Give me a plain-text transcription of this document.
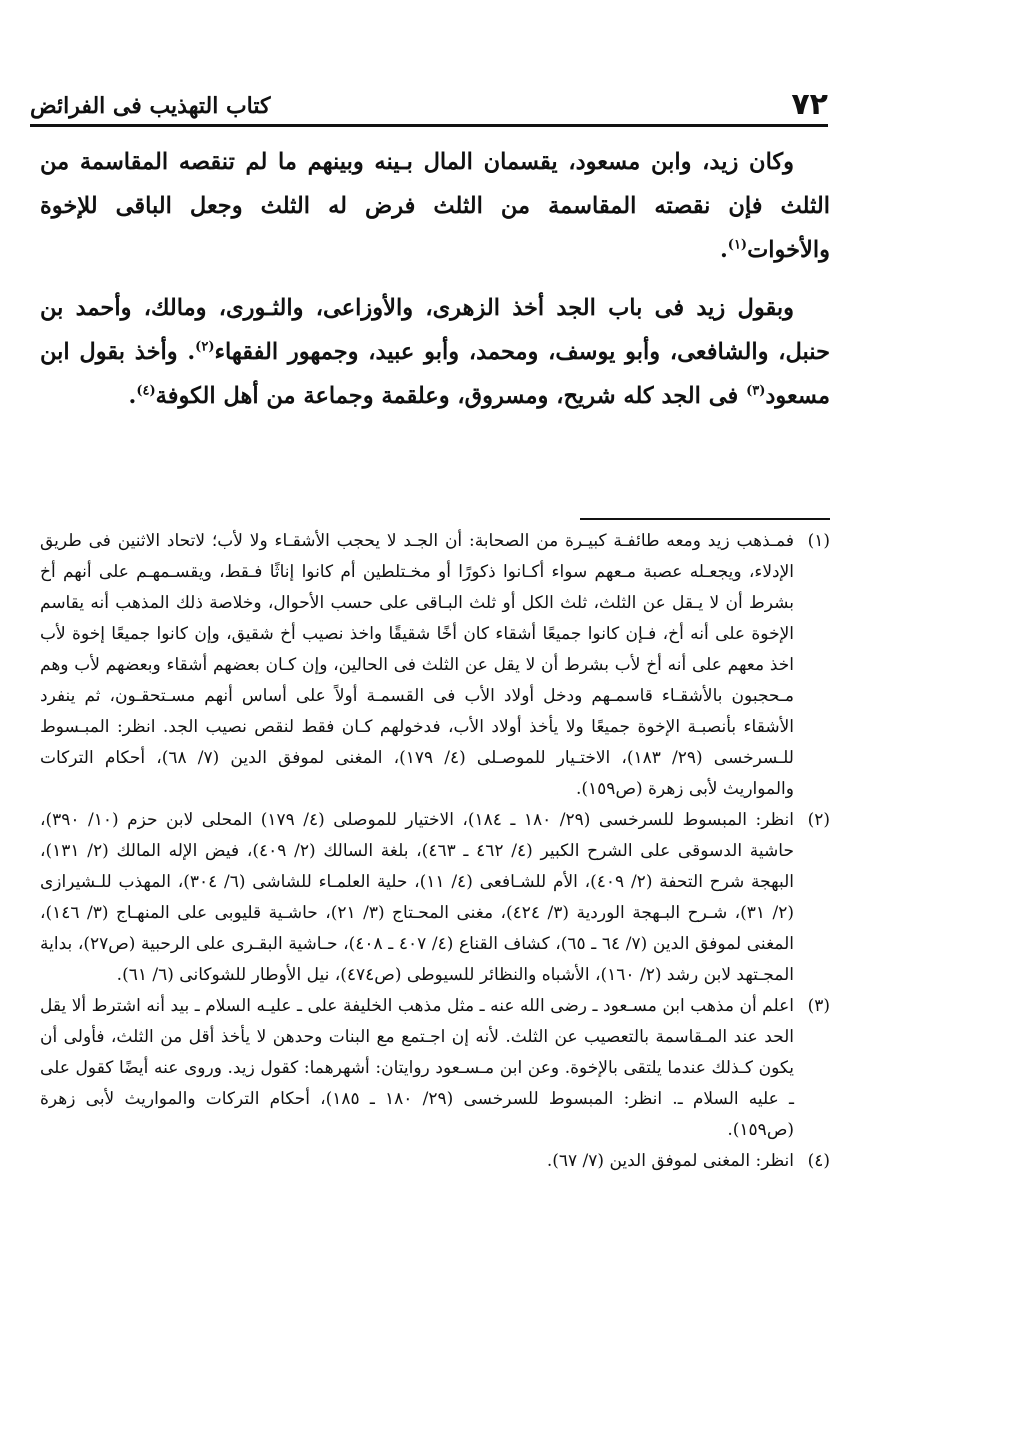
٧٢
كتاب التهذيب فى الفرائض

وكان زيد، وابن مسعود، يقسمان المال بـينه وبينهم ما لم تنقصه المقاسمة من الثلث فإن نقصته المقاسمة من الثلث فرض له الثلث وجعل الباقى للإخوة والأخوات$^{(١)}$.

وبقول زيد فى باب الجد أخذ الزهرى، والأوزاعى، والثـورى، ومالك، وأحمد بن حنبل، والشافعى، وأبو يوسف، ومحمد، وأبو عبيد، وجمهور الفقهاء$^{(٢)}$. وأخذ بقول ابن مسعود$^{(٣)}$ فى الجد كله شريح، ومسروق، وعلقمة وجماعة من أهل الكوفة$^{(٤)}$.

(١)
فمـذهب زيد ومعه طائفـة كبيـرة من الصحابة: أن الجـد لا يحجب الأشقـاء ولا لأب؛ لاتحاد الاثنين فى طريق الإدلاء، ويجعـله عصبة مـعهم سواء أكـانوا ذكورًا أو مخـتلطين أم كانوا إناثًا فـقط، ويقسـمهـم على أنهم أخ بشرط أن لا يـقل عن الثلث، ثلث الكل أو ثلث البـاقى على حسب الأحوال، وخلاصة ذلك المذهب أنه يقاسم الإخوة على أنه أخ، فـإن كانوا جميعًا أشقاء كان أخًا شقيقًا واخذ نصيب أخ شقيق، وإن كانوا جميعًا إخوة لأب اخذ معهم على أنه أخ لأب بشرط أن لا يقل عن الثلث فى الحالين، وإن كـان بعضهم أشقاء وبعضهم لأب وهم مـحجبون بالأشقـاء قاسمـهم ودخل أولاد الأب فى القسمـة أولاً على أساس أنهم مسـتحقـون، ثم ينفرد الأشقاء بأنصبـة الإخوة جميعًا ولا يأخذ أولاد الأب، فدخولهم كـان فقط لنقص نصيب الجد. انظر: المبـسوط للـسرخسى (٢٩/ ١٨٣)، الاختـيار للموصـلى (٤/ ١٧٩)، المغنى لموفق الدين (٧/ ٦٨)، أحكام التركات والمواريث لأبى زهرة (ص١٥٩).
(٢)
انظر: المبسوط للسرخسى (٢٩/ ١٨٠ ـ ١٨٤)، الاختيار للموصلى (٤/ ١٧٩) المحلى لابن حزم (١٠/ ٣٩٠)، حاشية الدسوقى على الشرح الكبير (٤/ ٤٦٢ ـ ٤٦٣)، بلغة السالك (٢/ ٤٠٩)، فيض الإله المالك (٢/ ١٣١)، البهجة شرح التحفة (٢/ ٤٠٩)، الأم للشـافعى (٤/ ١١)، حلية العلمـاء للشاشى (٦/ ٣٠٤)، المهذب للـشيرازى (٢/ ٣١)، شـرح البـهجة الوردية (٣/ ٤٢٤)، مغنى المحـتاج (٣/ ٢١)، حاشـية قليوبى على المنهـاج (٣/ ١٤٦)، المغنى لموفق الدين (٧/ ٦٤ ـ ٦٥)، كشاف القناع (٤/ ٤٠٧ ـ ٤٠٨)، حـاشية البقـرى على الرحبية (ص٢٧)، بداية المجـتهد لابن رشد (٢/ ١٦٠)، الأشباه والنظائر للسيوطى (ص٤٧٤)، نيل الأوطار للشوكانى (٦/ ٦١).
(٣)
اعلم أن مذهب ابن مسـعود ـ رضى الله عنه ـ مثل مذهب الخليفة على ـ عليـه السلام ـ بيد أنه اشترط ألا يقل الحد عند المـقاسمة بالتعصيب عن الثلث. لأنه إن اجـتمع مع البنات وحدهن لا يأخذ أقل من الثلث، فأولى أن يكون كـذلك عندما يلتقى بالإخوة. وعن ابن مـسـعود روايتان: أشهرهما: كقول زيد. وروى عنه أيضًا كقول على ـ عليه السلام ـ. انظر: المبسوط للسرخسى (٢٩/ ١٨٠ ـ ١٨٥)، أحكام التركات والمواريث لأبى زهرة (ص١٥٩).
(٤)
انظر: المغنى لموفق الدين (٧/ ٦٧).
